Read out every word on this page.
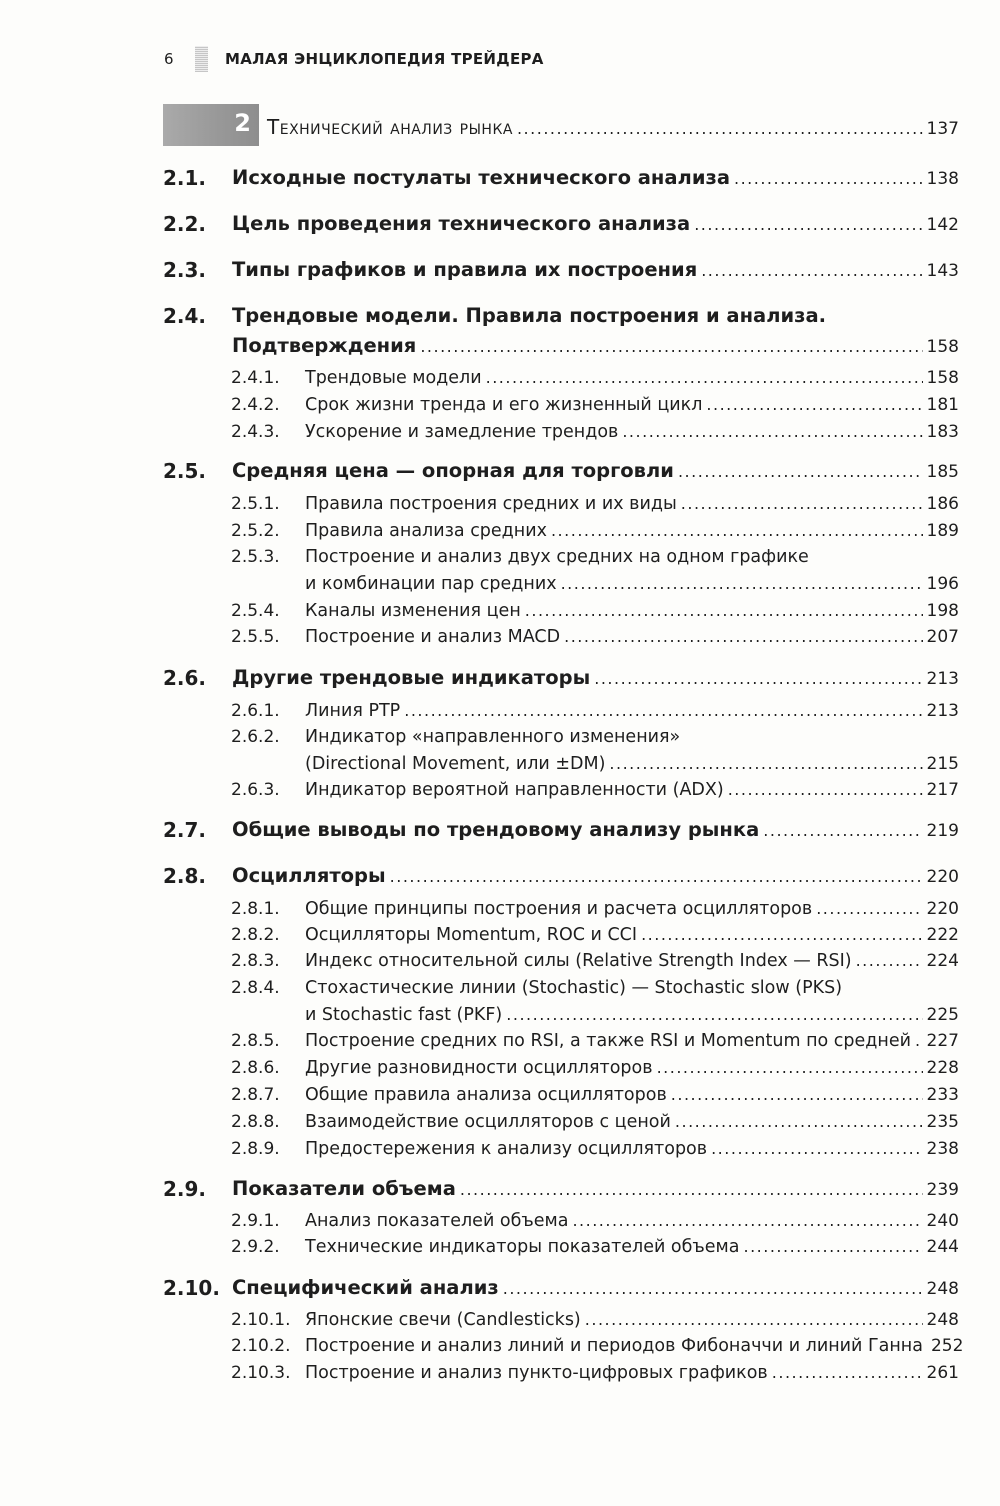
6	МАЛАЯ ЭНЦИКЛОПЕДИЯ ТРЕЙДЕРА
2 Технический анализ рынка .....	137
2.1. Исходные постулаты технического анализа .....	138
2.2. Цель проведения технического анализа .....	142
2.3. Типы графиков и правила их построения .....	143
2.4. Трендовые модели. Правила построения и анализа.
Подтверждения .....	158
2.4.1. Трендовые модели .....	158
2.4.2. Срок жизни тренда и его жизненный цикл .....	181
2.4.3. Ускорение и замедление трендов .....	183
2.5. Средняя цена — опорная для торговли .....	185
2.5.1. Правила построения средних и их виды .....	186
2.5.2. Правила анализа средних .....	189
2.5.3. Построение и анализ двух средних на одном графике
и комбинации пар средних .....	196
2.5.4. Каналы изменения цен .....	198
2.5.5. Построение и анализ MACD .....	207
2.6. Другие трендовые индикаторы .....	213
2.6.1. Линия PTP .....	213
2.6.2. Индикатор «направленного изменения»
(Directional Movement, или ±DM) .....	215
2.6.3. Индикатор вероятной направленности (ADX) .....	217
2.7. Общие выводы по трендовому анализу рынка .....	219
2.8. Осцилляторы .....	220
2.8.1. Общие принципы построения и расчета осцилляторов .....	220
2.8.2. Осцилляторы Momentum, ROC и CCI .....	222
2.8.3. Индекс относительной силы (Relative Strength Index — RSI) .....	224
2.8.4. Стохастические линии (Stochastic) — Stochastic slow (PKS)
и Stochastic fast (PKF) .....	225
2.8.5. Построение средних по RSI, а также RSI и Momentum по средней ..... 227
2.8.6. Другие разновидности осцилляторов .....	228
2.8.7. Общие правила анализа осцилляторов .....	233
2.8.8. Взаимодействие осцилляторов с ценой .....	235
2.8.9. Предостережения к анализу осцилляторов .....	238
2.9. Показатели объема .....	239
2.9.1. Анализ показателей объема .....	240
2.9.2. Технические индикаторы показателей объема .....	244
2.10. Специфический анализ .....	248
2.10.1. Японские свечи (Candlesticks) .....	248
2.10.2. Построение и анализ линий и периодов Фибоначчи и линий Ганна 252
2.10.3. Построение и анализ пункто-цифровых графиков .....	261
